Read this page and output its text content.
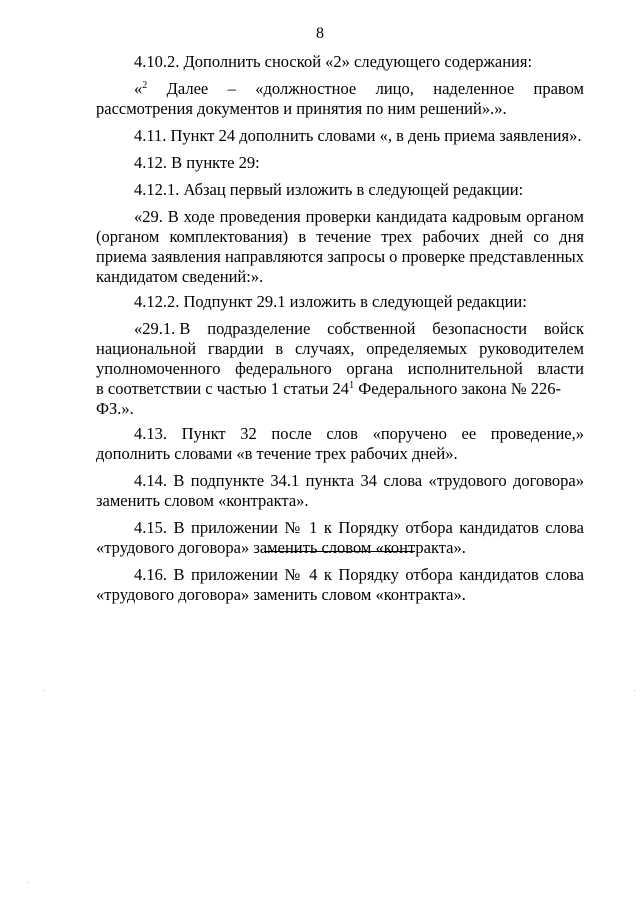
8

4.10.2. Дополнить сноской «2» следующего содержания:

«$^2$ Далее – «должностное лицо, наделенное правом рассмотрения документов и принятия по ним решений».».

4.11. Пункт 24 дополнить словами «, в день приема заявления».

4.12. В пункте 29:

4.12.1. Абзац первый изложить в следующей редакции:

«29. В ходе проведения проверки кандидата кадровым органом (органом комплектования) в течение трех рабочих дней со дня приема заявления направляются запросы о проверке представленных кандидатом сведений:».

4.12.2. Подпункт 29.1 изложить в следующей редакции:

«29.1. В подразделение собственной безопасности войск
национальной гвардии в случаях, определяемых руководителем
уполномоченного федерального органа исполнительной власти
в соответствии с частью 1 статьи $24^1$ Федерального закона № 226-ФЗ.».

4.13. Пункт 32 после слов «поручено ее проведение,» дополнить словами «в течение трех рабочих дней».

4.14. В подпункте 34.1 пункта 34 слова «трудового договора» заменить словом «контракта».

4.15. В приложении № 1 к Порядку отбора кандидатов слова «трудового договора» заменить словом «контракта».

4.16. В приложении № 4 к Порядку отбора кандидатов слова «трудового договора» заменить словом «контракта».
